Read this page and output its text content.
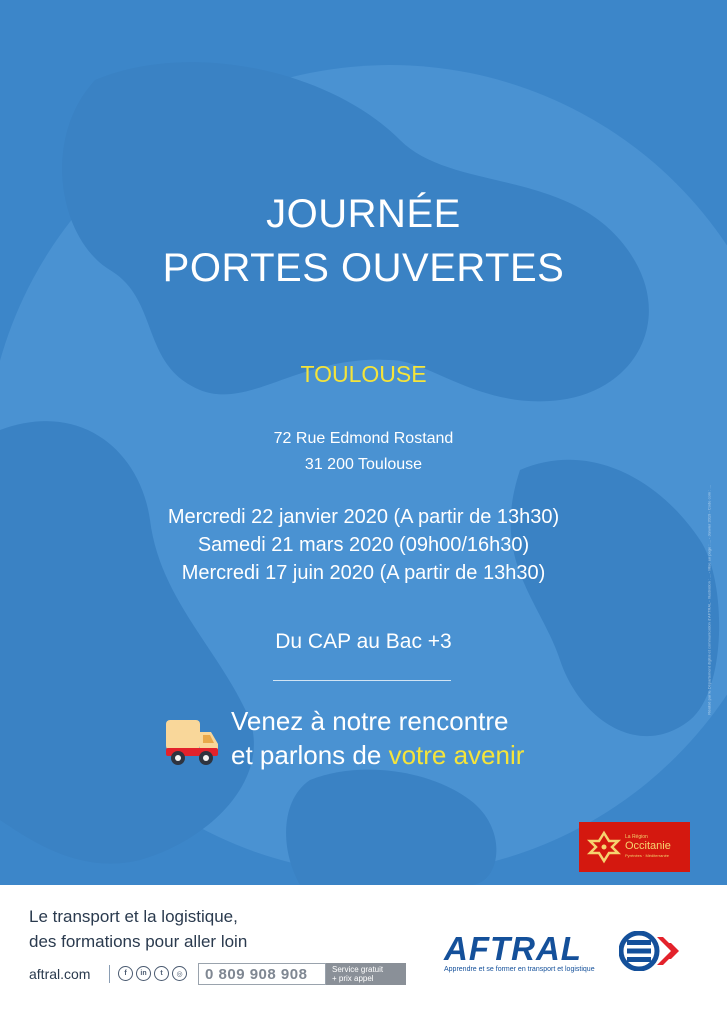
JOURNÉE
PORTES OUVERTES
TOULOUSE
72 Rue Edmond Rostand
31 200 Toulouse
Mercredi 22 janvier 2020 (A partir de 13h30)
Samedi 21 mars 2020 (09h00/16h30)
Mercredi 17 juin 2020 (A partir de 13h30)
Du CAP au Bac +3
Venez à notre rencontre
et parlons de votre avenir
Réalisé par le Département digital et communication d'AFTRAL - Illustration : ... - Mise en page : ... - Janvier 2019 - Code com : ...
La Région
Occitanie
Pyrénées · Méditerranée
Le transport et la logistique,
des formations pour aller loin
aftral.com	f	in	t	◎ 0 809 908 908	Service gratuit
+ prix appel
AFTRAL
Apprendre et se former en transport et logistique
